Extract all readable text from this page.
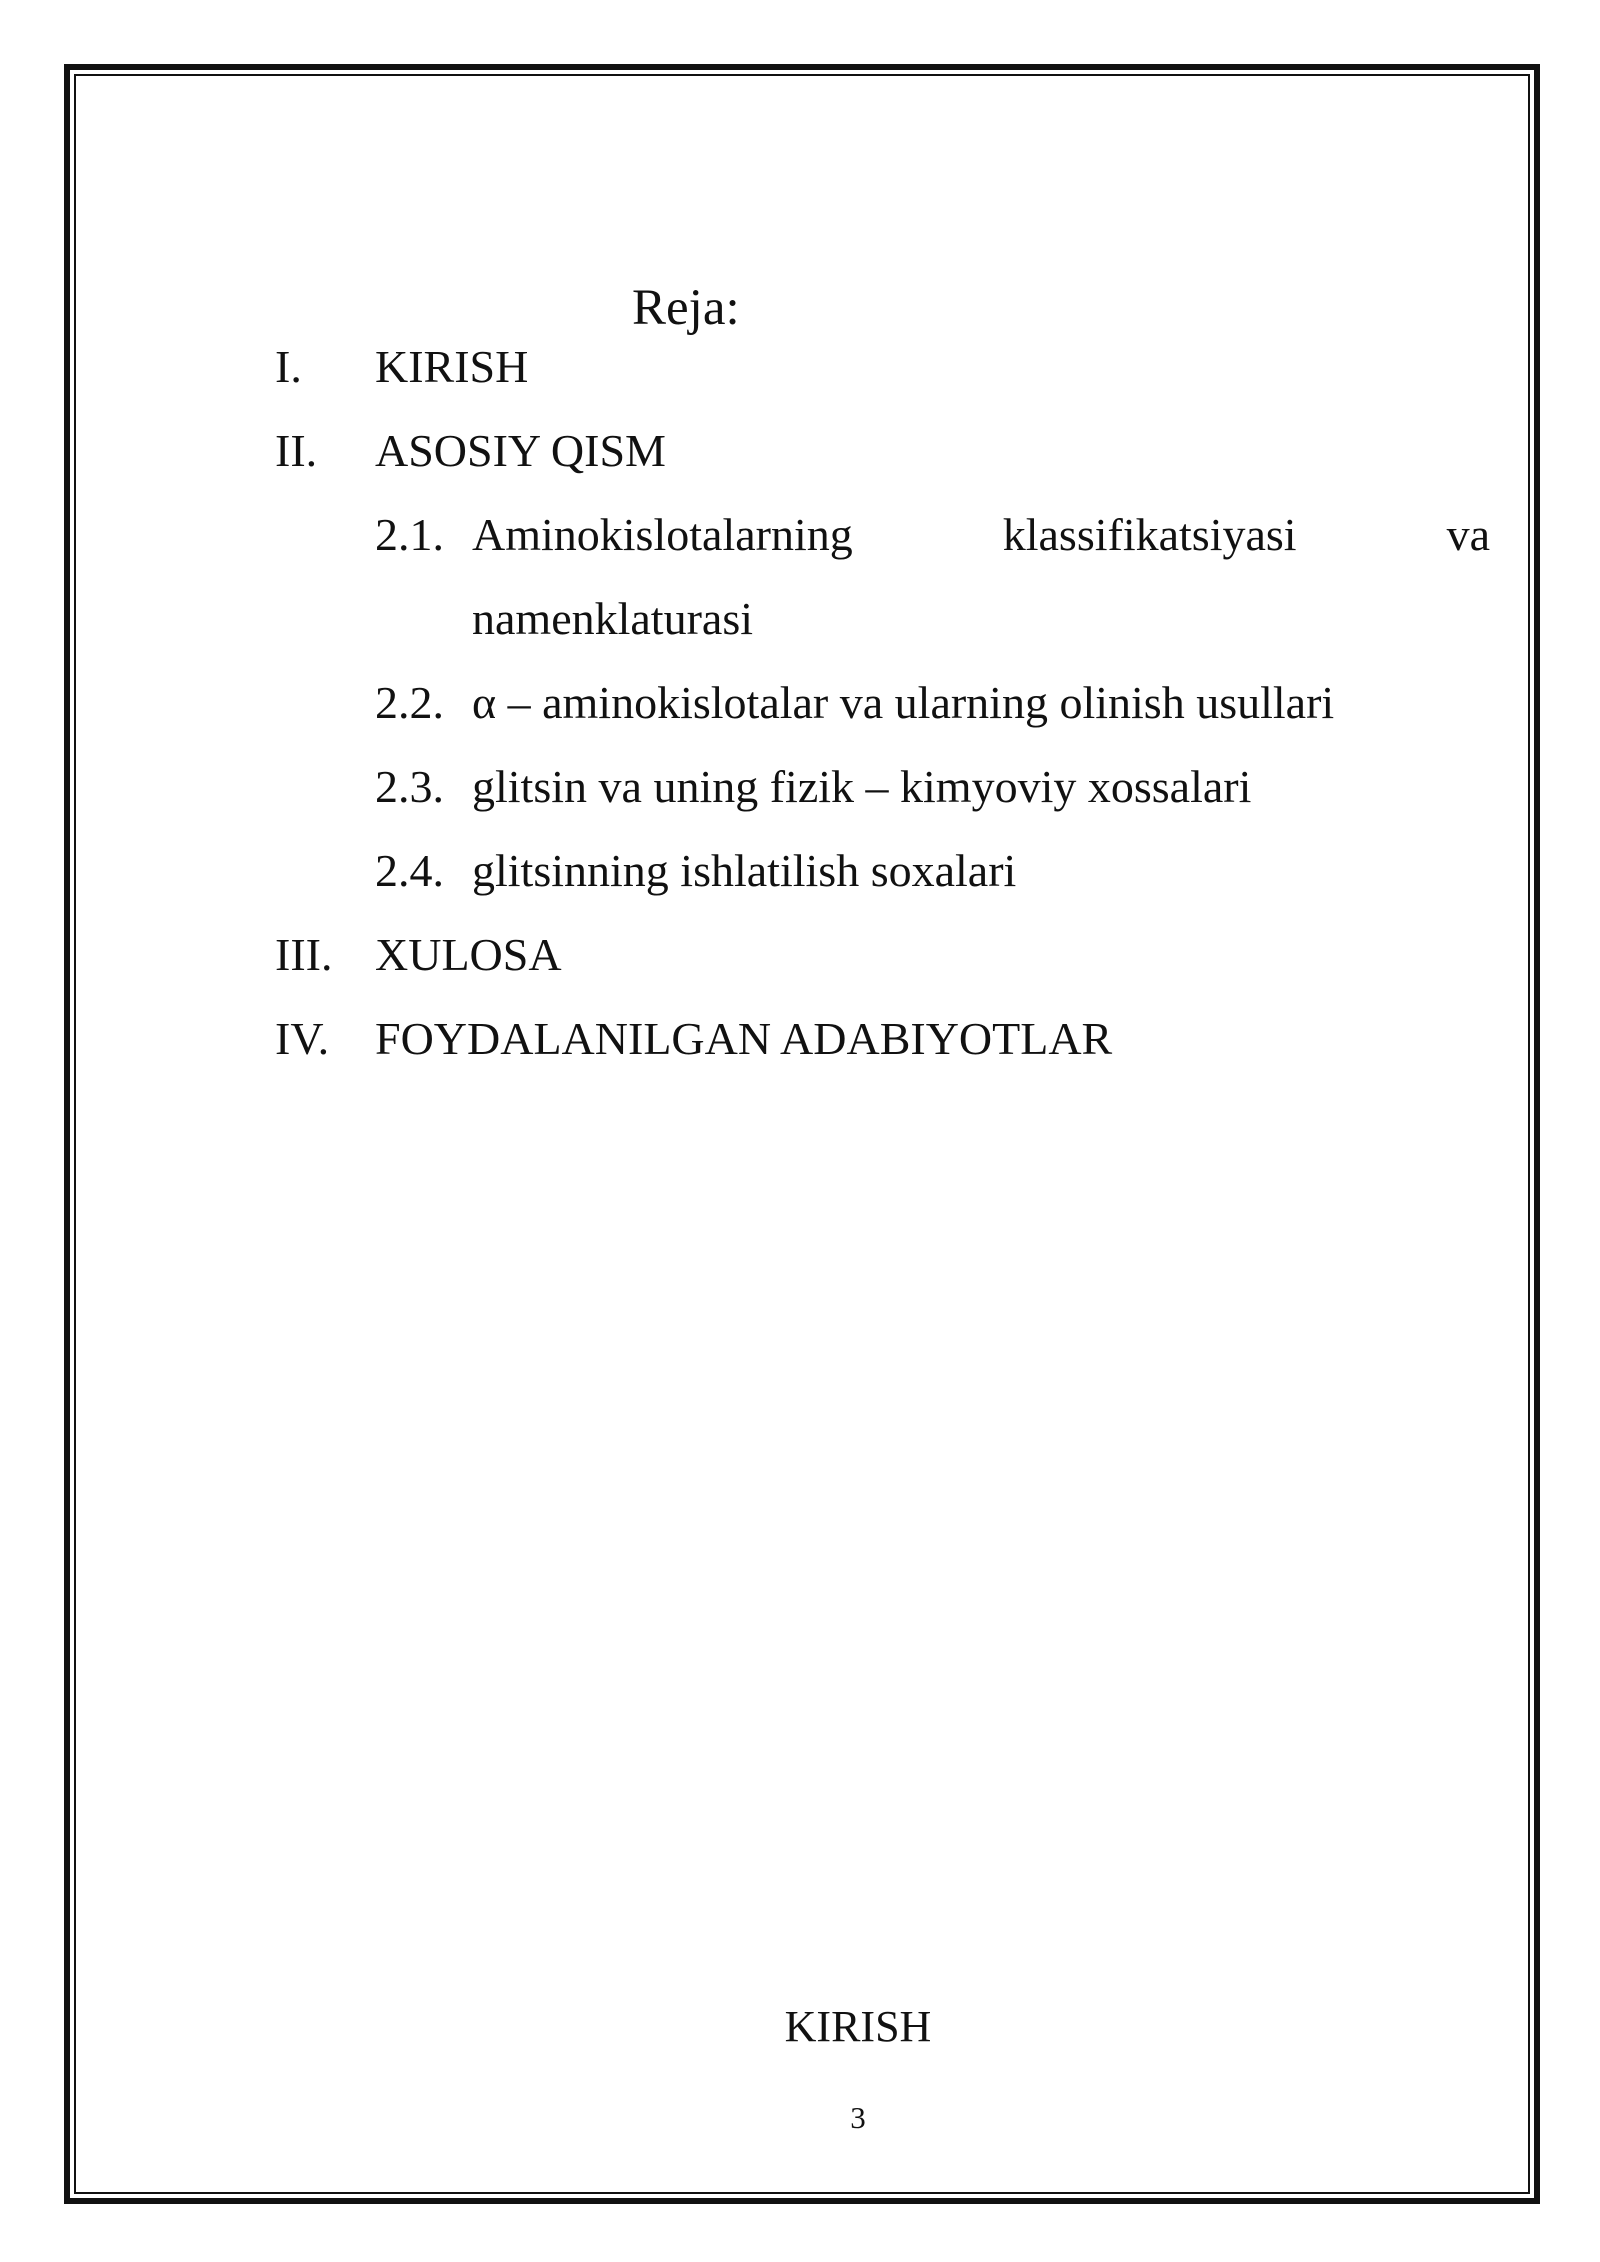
Reja:
I. KIRISH
II. ASOSIY QISM
2.1. Aminokislotalarning	klassifikatsiyasi	va
namenklaturasi
2.2. α – aminokislotalar va ularning olinish usullari
2.3. glitsin va uning fizik – kimyoviy xossalari
2.4. glitsinning ishlatilish soxalari
III. XULOSA
IV. FOYDALANILGAN ADABIYOTLAR
KIRISH
3
